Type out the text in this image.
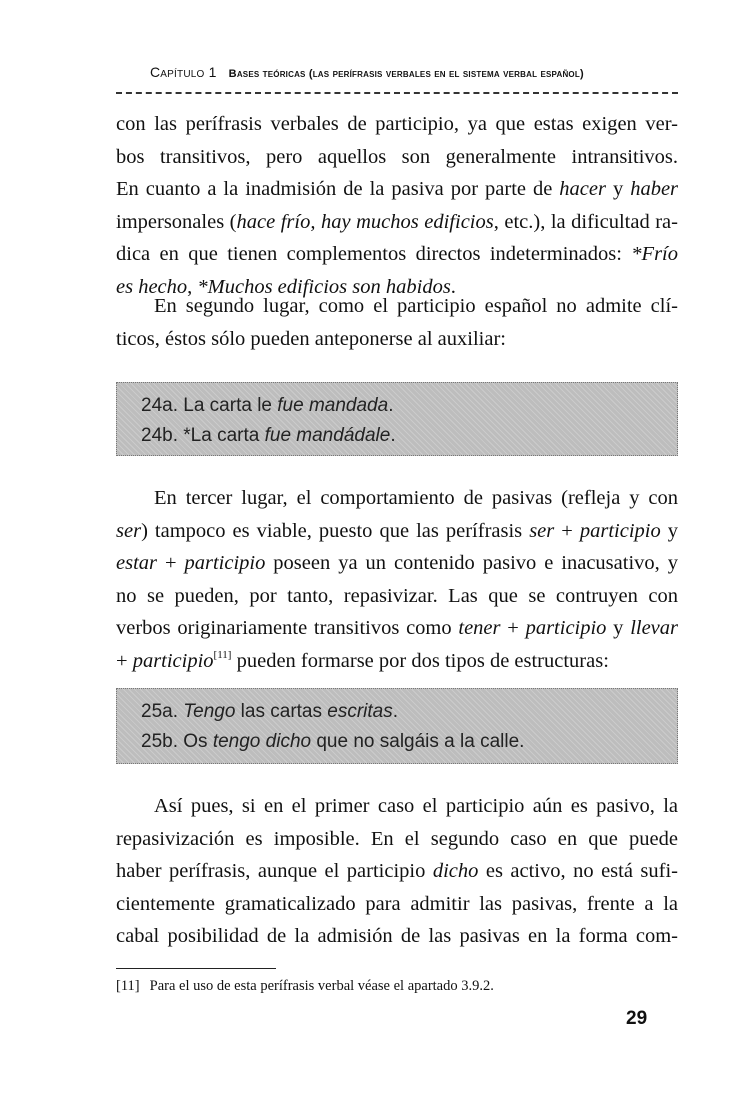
Capítulo 1 Bases teóricas (las perífrasis verbales en el sistema verbal español)
con las perífrasis verbales de participio, ya que estas exigen ver-
bos transitivos, pero aquellos son generalmente intransitivos.
En cuanto a la inadmisión de la pasiva por parte de hacer y haber
impersonales (hace frío, hay muchos edificios, etc.), la dificultad ra-
dica en que tienen complementos directos indeterminados: *Frío
es hecho, *Muchos edificios son habidos.
En segundo lugar, como el participio español no admite clí-
ticos, éstos sólo pueden anteponerse al auxiliar:
24a. La carta le fue mandada.
24b. *La carta fue mandádale.
En tercer lugar, el comportamiento de pasivas (refleja y con
ser) tampoco es viable, puesto que las perífrasis ser + participio y
estar + participio poseen ya un contenido pasivo e inacusativo, y
no se pueden, por tanto, repasivizar. Las que se contruyen con
verbos originariamente transitivos como tener + participio y llevar
+ participio[11] pueden formarse por dos tipos de estructuras:
25a. Tengo las cartas escritas.
25b. Os tengo dicho que no salgáis a la calle.
Así pues, si en el primer caso el participio aún es pasivo, la
repasivización es imposible. En el segundo caso en que puede
haber perífrasis, aunque el participio dicho es activo, no está sufi-
cientemente gramaticalizado para admitir las pasivas, frente a la
cabal posibilidad de la admisión de las pasivas en la forma com-
[11] Para el uso de esta perífrasis verbal véase el apartado 3.9.2.
29
